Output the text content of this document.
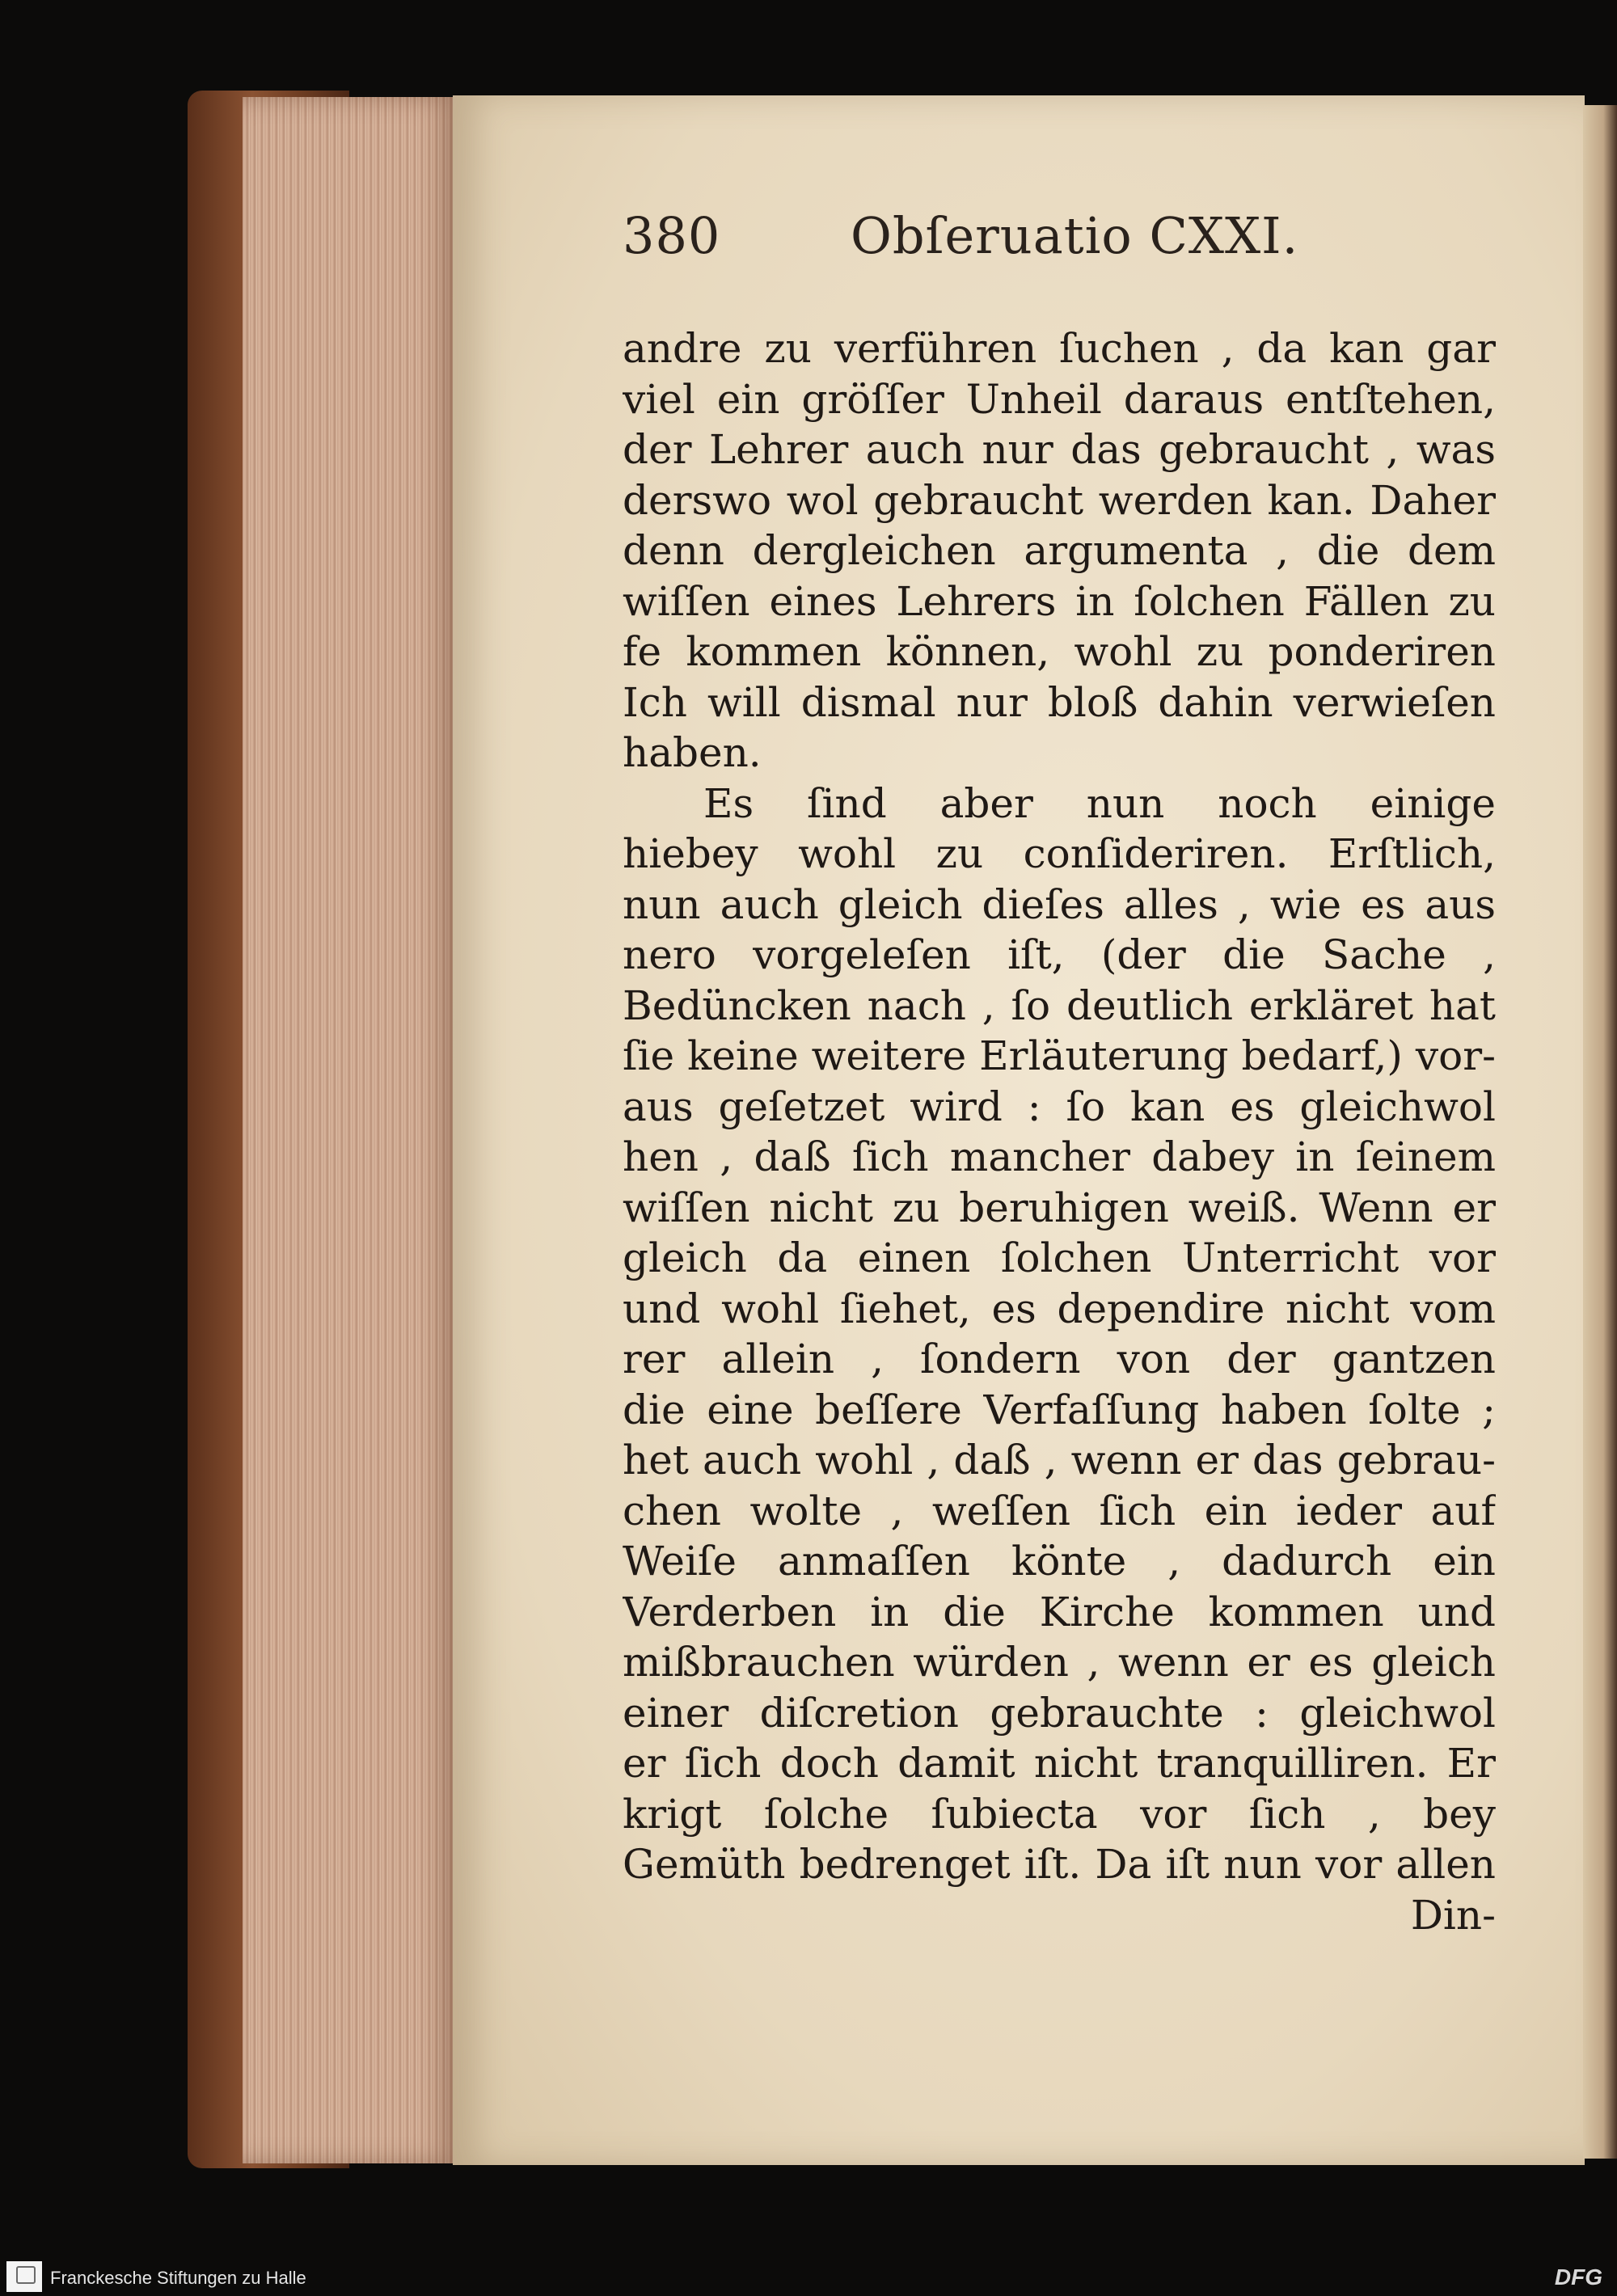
380	Obſeruatio CXXI.
andre zu verführen ſuchen , da kan gar
viel ein gröſſer Unheil daraus entſtehen,
der Lehrer auch nur das gebraucht , was
derswo wol gebraucht werden kan. Daher
denn dergleichen argumenta , die dem
wiſſen eines Lehrers in ſolchen Fällen zu
fe kommen können, wohl zu ponderiren
Ich will dismal nur bloß dahin verwieſen
haben.
Es ſind aber nun noch einige
hiebey wohl zu conſideriren. Erſtlich,
nun auch gleich dieſes alles , wie es aus
nero vorgeleſen iſt, (der die Sache ,
Bedüncken nach , ſo deutlich erkläret hat
ſie keine weitere Erläuterung bedarf,) vor-
aus geſetzet wird : ſo kan es gleichwol
hen , daß ſich mancher dabey in ſeinem
wiſſen nicht zu beruhigen weiß. Wenn er
gleich da einen ſolchen Unterricht vor
und wohl ſiehet, es dependire nicht vom
rer allein , ſondern von der gantzen
die eine beſſere Verfaſſung haben ſolte ;
het auch wohl , daß , wenn er das gebrau-
chen wolte , weſſen ſich ein ieder auf
Weiſe anmaſſen könte , dadurch ein
Verderben in die Kirche kommen und
mißbrauchen würden , wenn er es gleich
einer diſcretion gebrauchte : gleichwol
er ſich doch damit nicht tranquilliren. Er
krigt ſolche ſubiecta vor ſich , bey
Gemüth bedrenget iſt. Da iſt nun vor allen
Din-
Franckesche Stiftungen zu Halle	DFG
